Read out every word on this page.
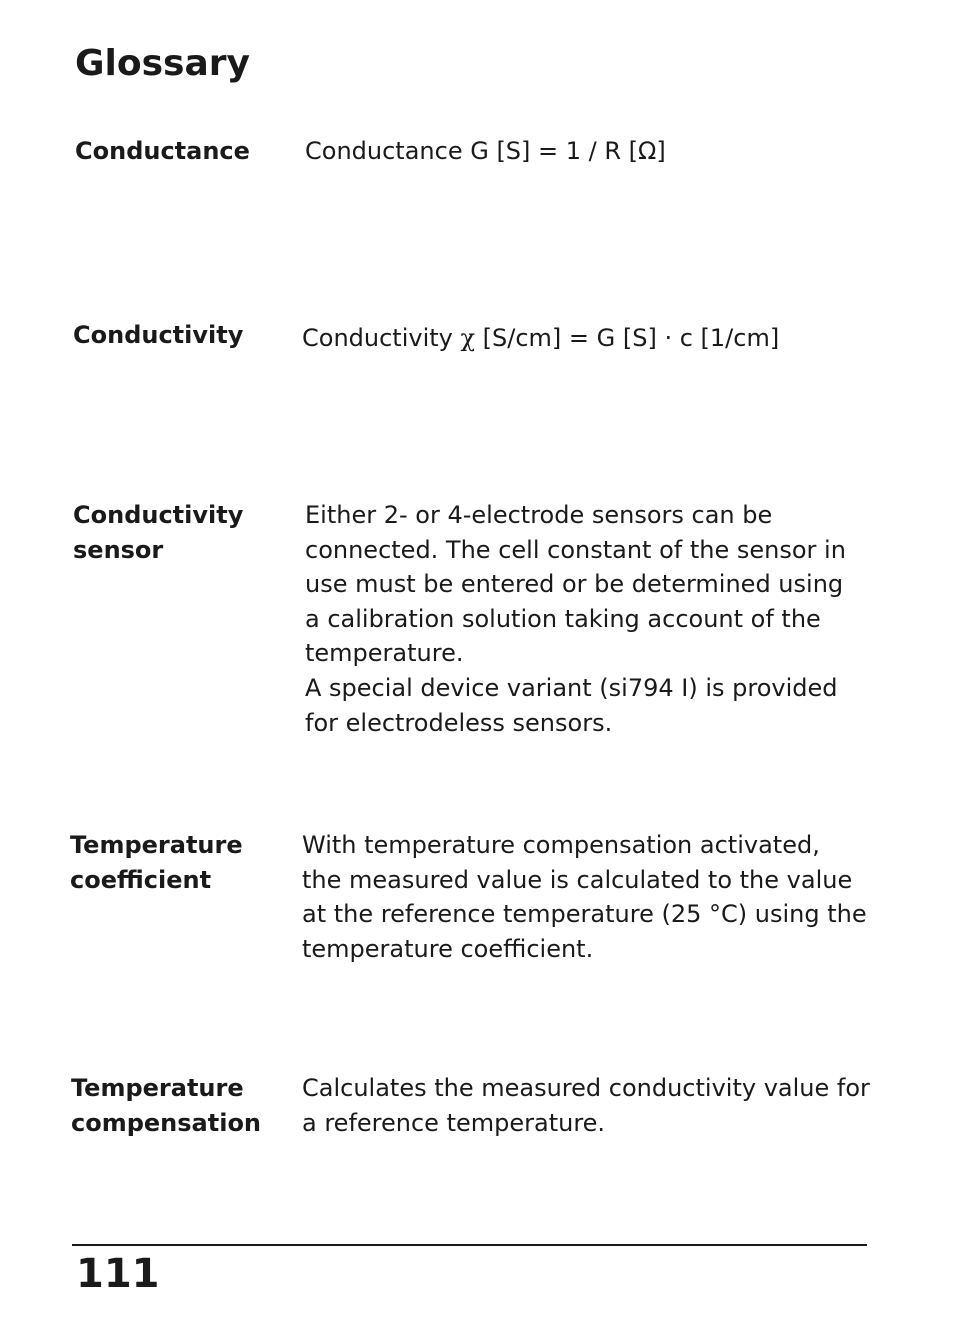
Glossary
Conductance	Conductance G [S] = 1 / R [Ω]
Conductivity	Conductivity χ [S/cm] = G [S] · c [1/cm]
Conductivity
sensor
Either 2- or 4-electrode sensors can be
connected. The cell constant of the sensor in
use must be entered or be determined using
a calibration solution taking account of the
temperature.
A special device variant (si794 I) is provided
for electrodeless sensors.
Temperature
coefficient
With temperature compensation activated,
the measured value is calculated to the value
at the reference temperature (25 °C) using the
temperature coefficient.
Temperature
compensation
Calculates the measured conductivity value for
a reference temperature.
111
